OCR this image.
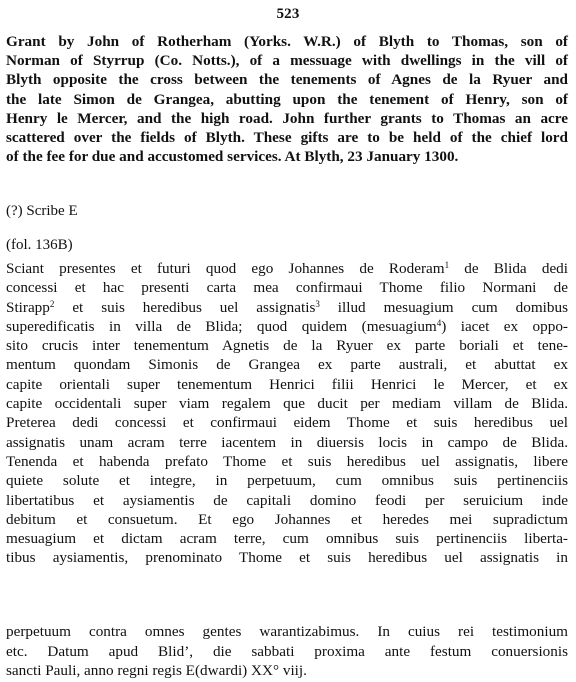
523
Grant by John of Rotherham (Yorks. W.R.) of Blyth to Thomas, son of
Norman of Styrrup (Co. Notts.), of a messuage with dwellings in the vill of
Blyth opposite the cross between the tenements of Agnes de la Ryuer and
the late Simon de Grangea, abutting upon the tenement of Henry, son of
Henry le Mercer, and the high road. John further grants to Thomas an acre
scattered over the fields of Blyth. These gifts are to be held of the chief lord
of the fee for due and accustomed services. At Blyth, 23 January 1300.
(?) Scribe E
(fol. 136B)
Sciant presentes et futuri quod ego Johannes de Roderam$^1$ de Blida dedi
concessi et hac presenti carta mea confirmaui Thome filio Normani de
Stirapp$^2$ et suis heredibus uel assignatis$^3$ illud mesuagium cum domibus
superedificatis in villa de Blida; quod quidem (mesuagium$^4$) iacet ex oppo-
sito crucis inter tenementum Agnetis de la Ryuer ex parte boriali et tene-
mentum quondam Simonis de Grangea ex parte australi, et abuttat ex
capite orientali super tenementum Henrici filii Henrici le Mercer, et ex
capite occidentali super viam regalem que ducit per mediam villam de Blida.
Preterea dedi concessi et confirmaui eidem Thome et suis heredibus uel
assignatis unam acram terre iacentem in diuersis locis in campo de Blida.
Tenenda et habenda prefato Thome et suis heredibus uel assignatis, libere
quiete solute et integre, in perpetuum, cum omnibus suis pertinenciis
libertatibus et aysiamentis de capitali domino feodi per seruicium inde
debitum et consuetum. Et ego Johannes et heredes mei supradictum
mesuagium et dictam acram terre, cum omnibus suis pertinenciis liberta-
tibus aysiamentis, prenominato Thome et suis heredibus uel assignatis in
perpetuum contra omnes gentes warantizabimus. In cuius rei testimonium
etc. Datum apud Blid’, die sabbati proxima ante festum conuersionis
sancti Pauli, anno regni regis E(dwardi) XX° viij.
